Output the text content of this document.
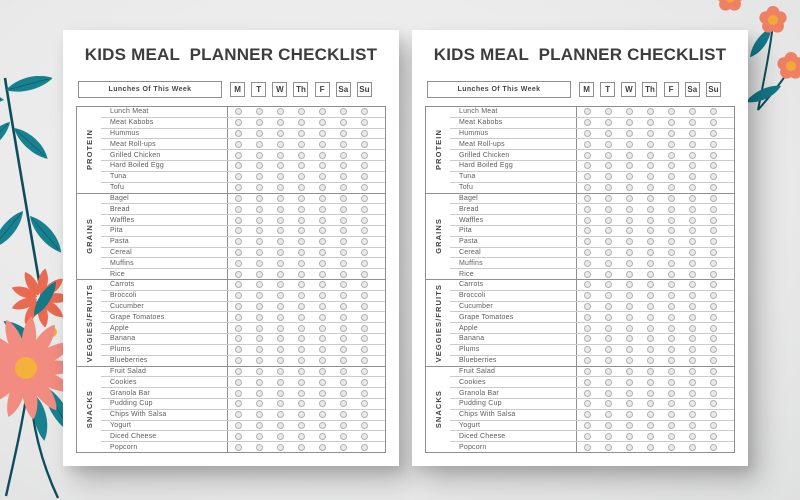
KIDS MEAL  PLANNER CHECKLIST
Lunches Of This Week	M	T	W	Th	F	Sa	Su
PROTEIN
Lunch Meat
Meat Kabobs
Hummus
Meat Roll-ups
Grilled Chicken
Hard Boiled Egg
Tuna
Tofu
GRAINS
Bagel
Bread
Waffles
Pita
Pasta
Cereal
Muffins
Rice
VEGGIES/FRUITS	Carrots
Broccoli
Cucumber
Grape Tomatoes
Apple
Banana
Plums
Blueberries
SNACKS
Fruit Salad
Cookies
Granola Bar
Pudding Cup
Chips With Salsa
Yogurt
Diced Cheese
Popcorn
KIDS MEAL  PLANNER CHECKLIST
Lunches Of This Week	M	T	W	Th	F	Sa	Su
PROTEIN
Lunch Meat
Meat Kabobs
Hummus
Meat Roll-ups
Grilled Chicken
Hard Boiled Egg
Tuna
Tofu
GRAINS
Bagel
Bread
Waffles
Pita
Pasta
Cereal
Muffins
Rice
VEGGIES/FRUITS	Carrots
Broccoli
Cucumber
Grape Tomatoes
Apple
Banana
Plums
Blueberries
SNACKS
Fruit Salad
Cookies
Granola Bar
Pudding Cup
Chips With Salsa
Yogurt
Diced Cheese
Popcorn
